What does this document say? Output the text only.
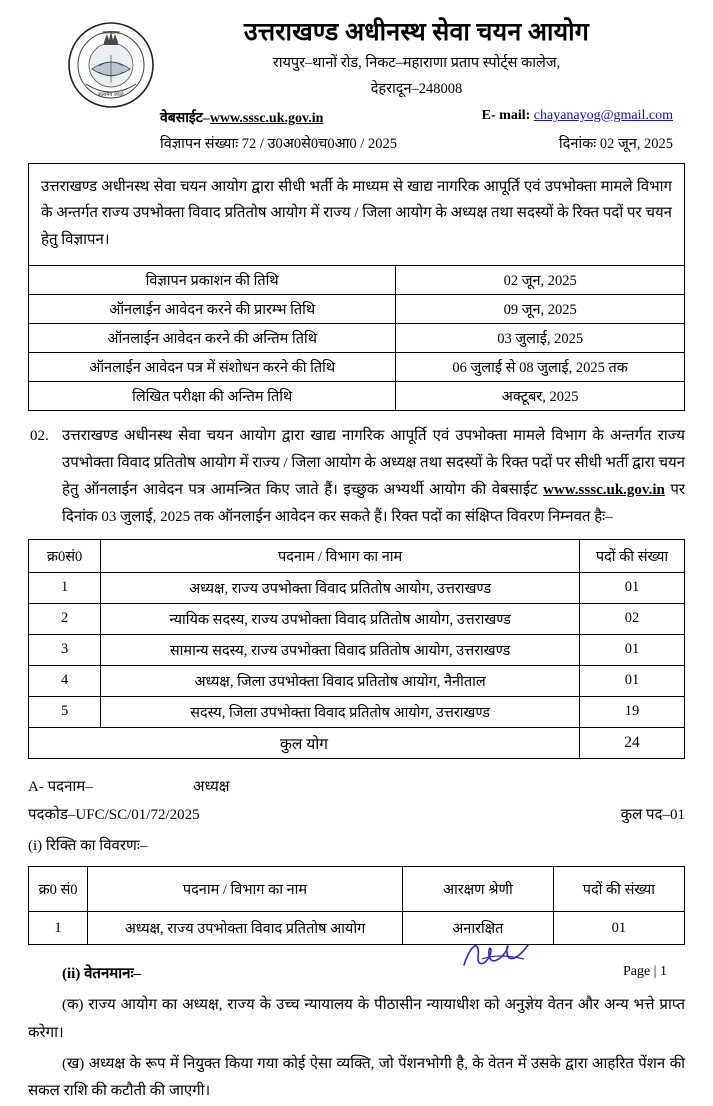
सत्यमेव जयते
उत्तराखण्ड	उत्तराखण्ड अधीनस्थ सेवा चयन आयोग
रायपुर–थानों रोड, निकट–महाराणा प्रताप स्पोर्ट्स कालेज,
देहरादून–248008
वेबसाईट–www.sssc.uk.gov.in	E- mail: chayanayog@gmail.com
विज्ञापन संख्याः 72 / उ0अ0से0च0आ0 / 2025	दिनांकः 02 जून, 2025
उत्तराखण्ड अधीनस्थ सेवा चयन आयोग द्वारा सीधी भर्ती के माध्यम से खाद्य नागरिक आपूर्ति एवं उपभोक्ता मामले विभाग के अन्तर्गत राज्य उपभोक्ता विवाद प्रतितोष आयोग में राज्य / जिला आयोग के अध्यक्ष तथा सदस्यों के रिक्त पदों पर चयन हेतु विज्ञापन।
विज्ञापन प्रकाशन की तिथि	02 जून, 2025
ऑनलाईन आवेदन करने की प्रारम्भ तिथि	09 जून, 2025
ऑनलाईन आवेदन करने की अन्तिम तिथि	03 जुलाई, 2025
ऑनलाईन आवेदन पत्र में संशोधन करने की तिथि	06 जुलाई से 08 जुलाई, 2025 तक
लिखित परीक्षा की अन्तिम तिथि	अक्टूबर, 2025
02. उत्तराखण्ड अधीनस्थ सेवा चयन आयोग द्वारा खाद्य नागरिक आपूर्ति एवं उपभोक्ता मामले विभाग के अन्तर्गत राज्य उपभोक्ता विवाद प्रतितोष आयोग में राज्य / जिला आयोग के अध्यक्ष तथा सदस्यों के रिक्त पदों पर सीधी भर्ती द्वारा चयन हेतु ऑनलाईन आवेदन पत्र आमन्त्रित किए जाते हैं। इच्छुक अभ्यर्थी आयोग की वेबसाईट www.sssc.uk.gov.in पर दिनांक 03 जुलाई, 2025 तक ऑनलाईन आवेदन कर सकते हैं। रिक्त पदों का संक्षिप्त विवरण निम्नवत हैः–
क्र0सं0	पदनाम / विभाग का नाम	पदों की संख्या
1	अध्यक्ष, राज्य उपभोक्ता विवाद प्रतितोष आयोग, उत्तराखण्ड	01
2	न्यायिक सदस्य, राज्य उपभोक्ता विवाद प्रतितोष आयोग, उत्तराखण्ड	02
3	सामान्य सदस्य, राज्य उपभोक्ता विवाद प्रतितोष आयोग, उत्तराखण्ड	01
4	अध्यक्ष, जिला उपभोक्ता विवाद प्रतितोष आयोग, नैनीताल	01
5	सदस्य, जिला उपभोक्ता विवाद प्रतितोष आयोग, उत्तराखण्ड	19
कुल योग		24
A- पदनाम–	अध्यक्ष
पदकोड–UFC/SC/01/72/2025	कुल पद–01
(i) रिक्ति का विवरणः–
क्र0 सं0	पदनाम / विभाग का नाम	आरक्षण श्रेणी	पदों की संख्या
1	अध्यक्ष, राज्य उपभोक्ता विवाद प्रतितोष आयोग	अनारक्षित	01
(ii) वेतनमानः–
(क) राज्य आयोग का अध्यक्ष, राज्य के उच्च न्यायालय के पीठासीन न्यायाधीश को अनुज्ञेय वेतन और अन्य भत्ते प्राप्त करेगा।
(ख) अध्यक्ष के रूप में नियुक्त किया गया कोई ऐसा व्यक्ति, जो पेंशनभोगी है, के वेतन में उसके द्वारा आहरित पेंशन की सकल राशि की कटौती की जाएगी।
Page | 1
